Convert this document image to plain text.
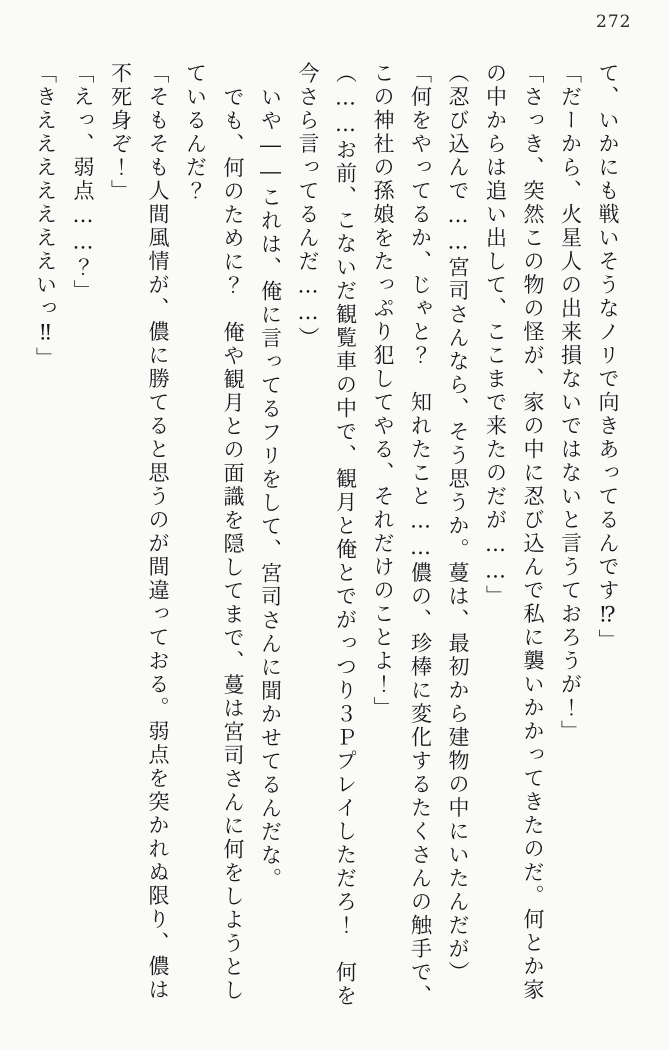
272
て、いかにも戦いそうなノリで向きあってるんです⁉」
「だーから、火星人の出来損ないではないと言うておろうが！」
「さっき、突然この物の怪が、家の中に忍び込んで私に襲いかかってきたのだ。何とか家
の中からは追い出して、ここまで来たのだが……」
（忍び込んで……宮司さんなら、そう思うか。蔓は、最初から建物の中にいたんだが）
「何をやってるか、じゃと？　知れたこと……儂の、珍棒に変化するたくさんの触手で、
この神社の孫娘をたっぷり犯してやる、それだけのことよ！」
（……お前、こないだ観覧車の中で、観月と俺とでがっつり３Ｐプレイしただろ！　何を
今さら言ってるんだ……）
いや――これは、俺に言ってるフリをして、宮司さんに聞かせてるんだな。
でも、何のために？　俺や観月との面識を隠してまで、蔓は宮司さんに何をしようとし
ているんだ？
「そもそも人間風情が、儂に勝てると思うのが間違っておる。弱点を突かれぬ限り、儂は
不死身ぞ！」
「えっ、弱点……？」
「きえええええええいっ‼」
